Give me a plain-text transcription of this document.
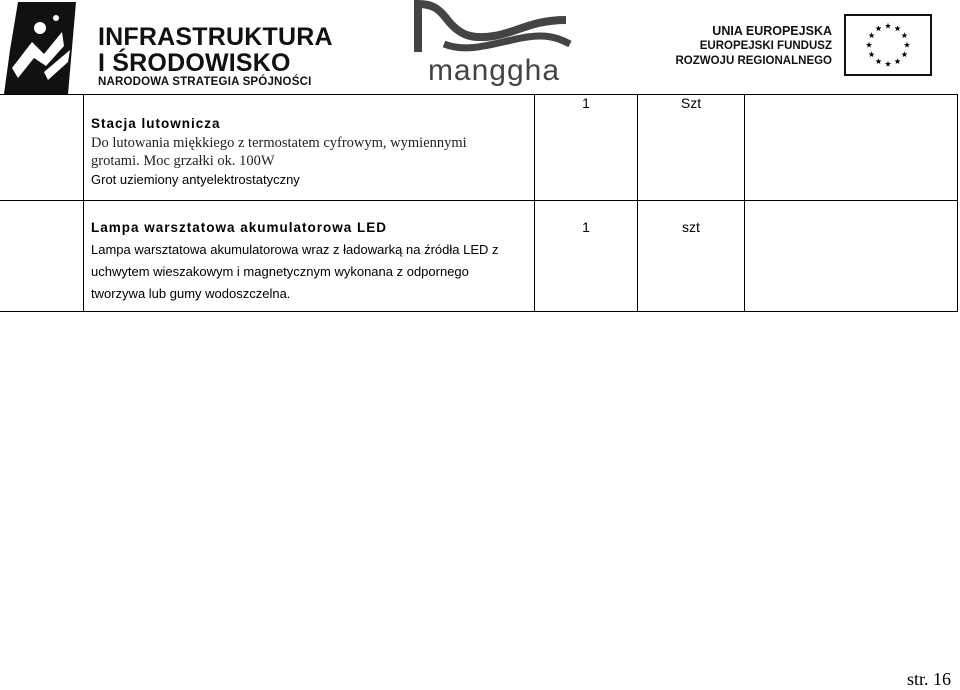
INFRASTRUKTURA
I ŚRODOWISKO
NARODOWA STRATEGIA SPÓJNOŚCI	manggha
UNIA EUROPEJSKA
EUROPEJSKI FUNDUSZ
ROZWOJU REGIONALNEGO

	Stacja lutownicza
Do lutowania miękkiego z termostatem cyfrowym, wymiennymi
grotami. Moc grzałki ok. 100W
Grot uziemiony antyelektrostatyczny	1	Szt	

	Lampa warsztatowa akumulatorowa LED
Lampa warsztatowa akumulatorowa wraz z ładowarką na źródła LED z
uchwytem wieszakowym i magnetycznym wykonana z odpornego
tworzywa lub gumy wodoszczelna.	1	szt	
str. 16
